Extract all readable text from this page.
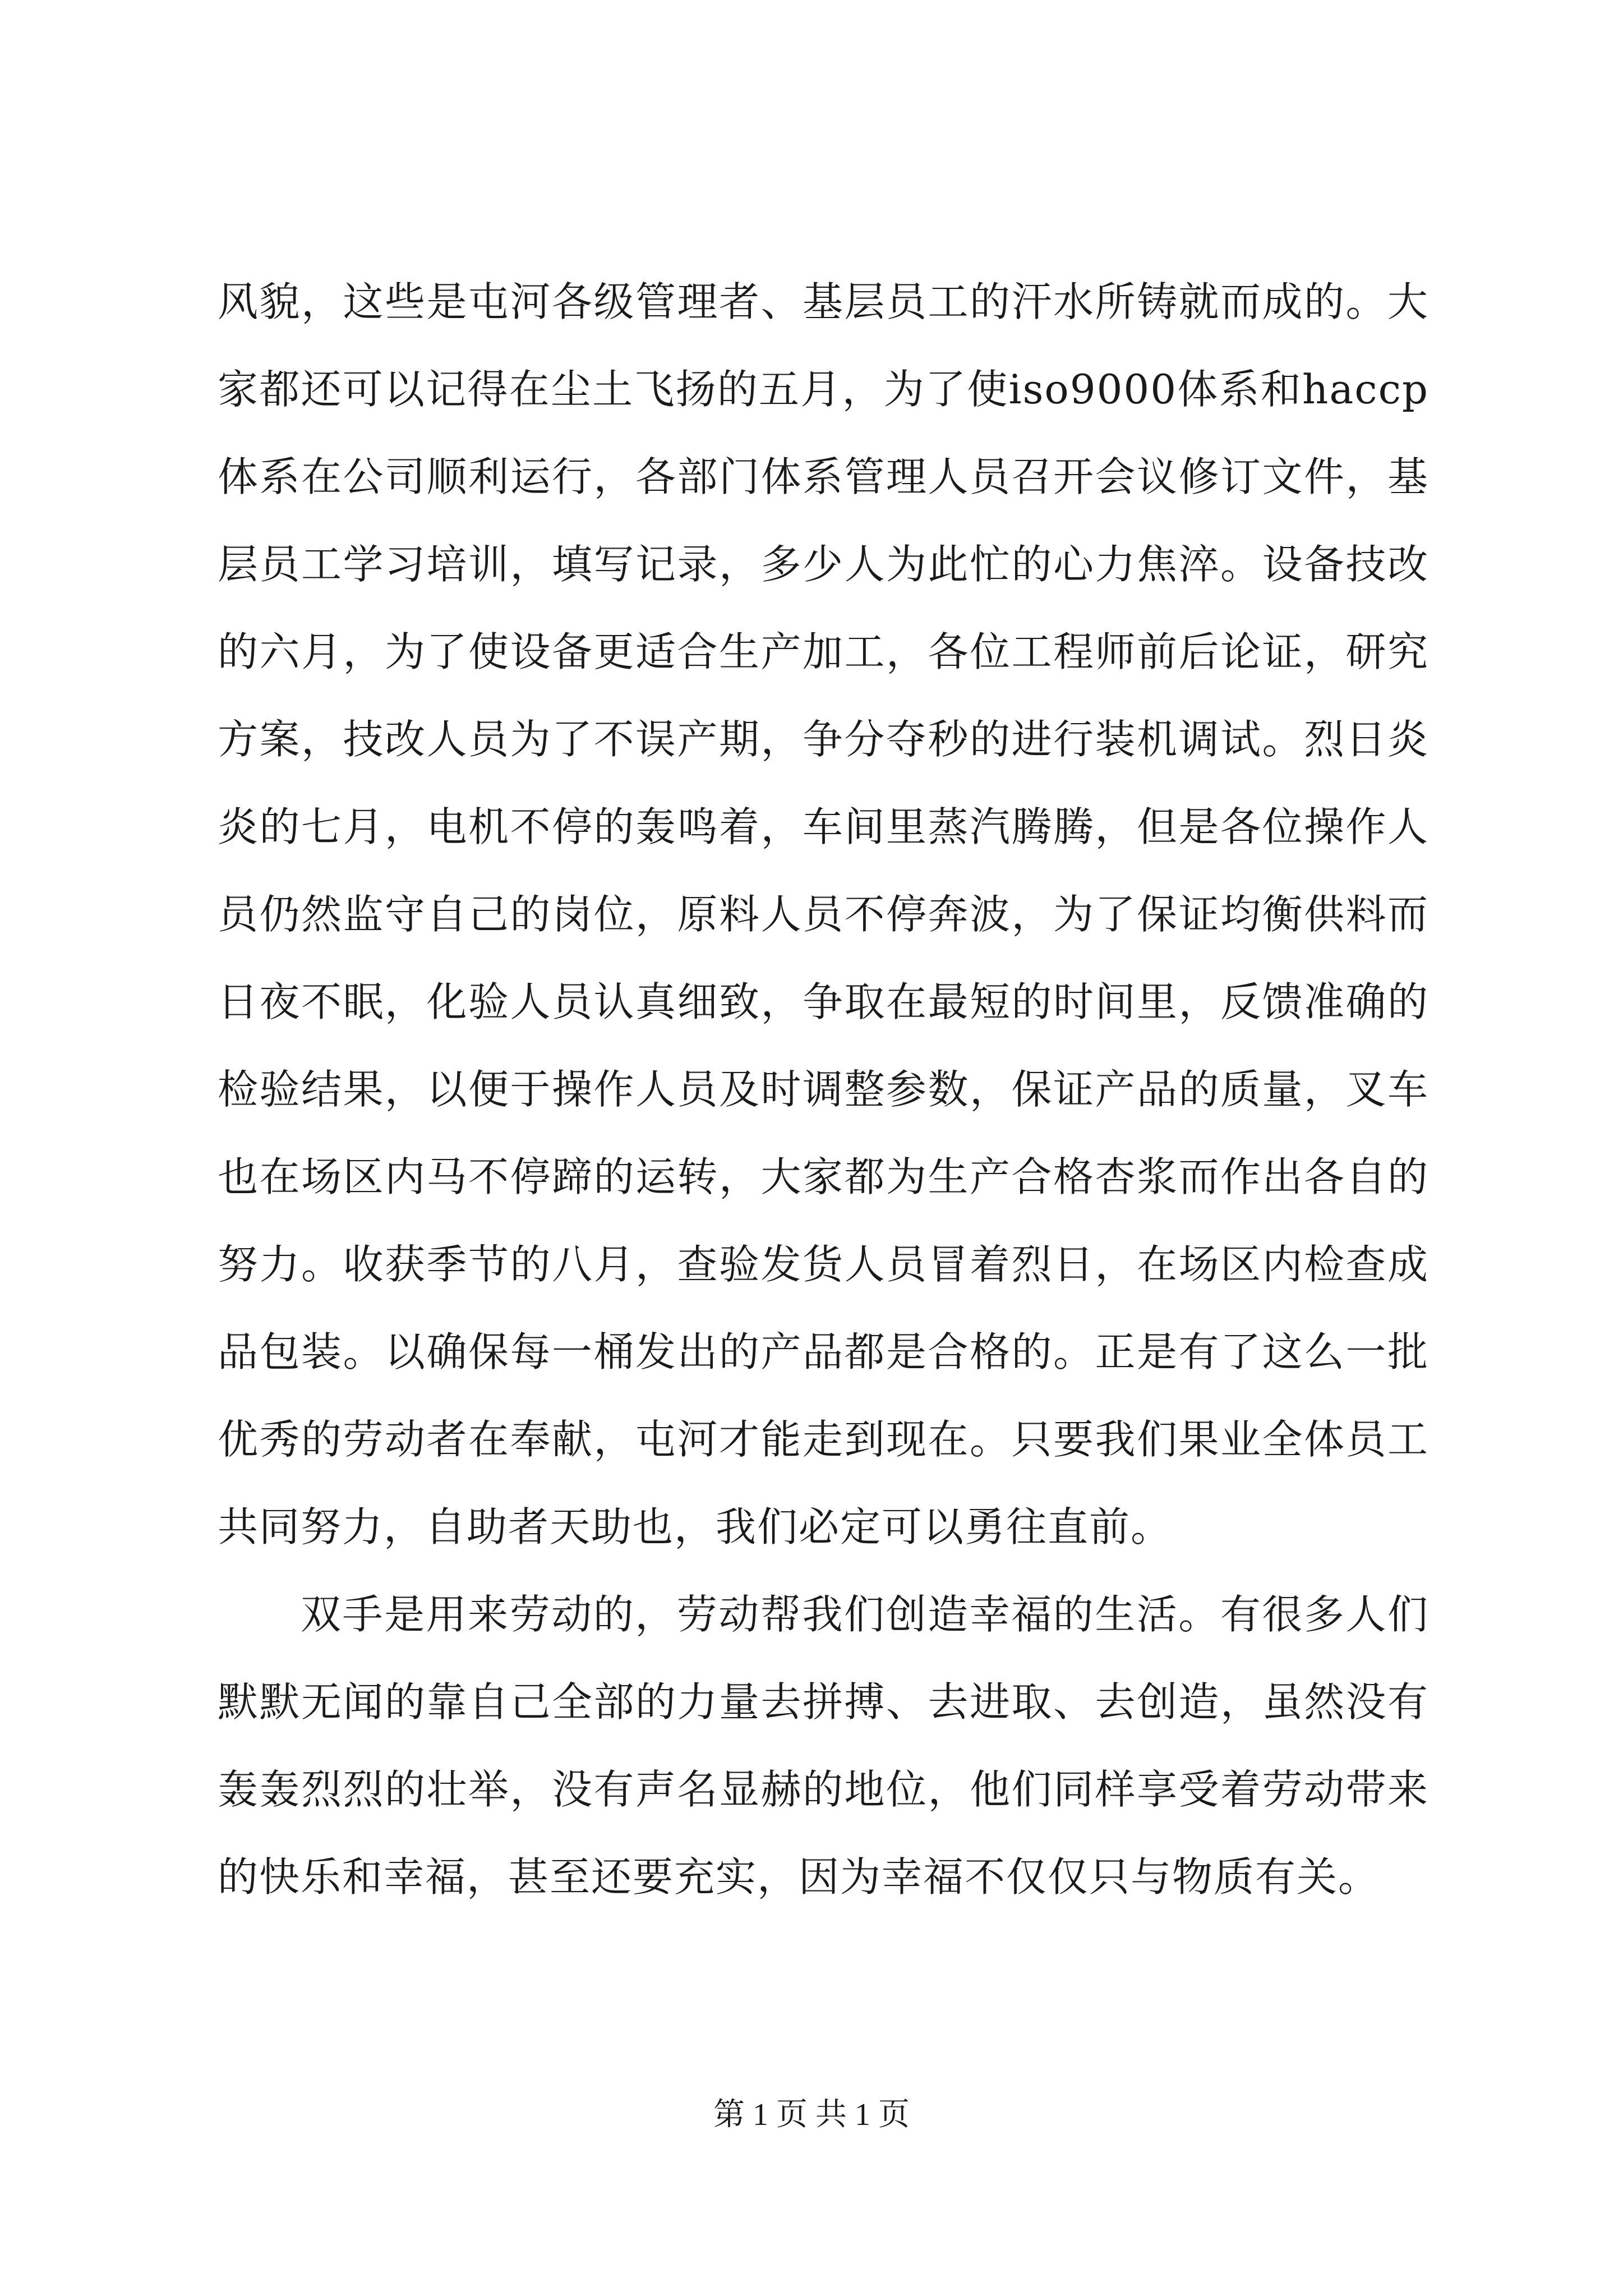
风貌，这些是屯河各级管理者、基层员工的汗水所铸就而成的。大家都还可以记得在尘土飞扬的五月，为了使iso9000体系和haccp体系在公司顺利运行，各部门体系管理人员召开会议修订文件，基层员工学习培训，填写记录，多少人为此忙的心力焦淬。设备技改的六月，为了使设备更适合生产加工，各位工程师前后论证，研究方案，技改人员为了不误产期，争分夺秒的进行装机调试。烈日炎炎的七月，电机不停的轰鸣着，车间里蒸汽腾腾，但是各位操作人员仍然监守自己的岗位，原料人员不停奔波，为了保证均衡供料而日夜不眠，化验人员认真细致，争取在最短的时间里，反馈准确的检验结果，以便于操作人员及时调整参数，保证产品的质量，叉车也在场区内马不停蹄的运转，大家都为生产合格杏浆而作出各自的努力。收获季节的八月，查验发货人员冒着烈日，在场区内检查成品包装。以确保每一桶发出的产品都是合格的。正是有了这么一批优秀的劳动者在奉献，屯河才能走到现在。只要我们果业全体员工共同努力，自助者天助也，我们必定可以勇往直前。

双手是用来劳动的，劳动帮我们创造幸福的生活。有很多人们默默无闻的靠自己全部的力量去拼搏、去进取、去创造，虽然没有轰轰烈烈的壮举，没有声名显赫的地位，他们同样享受着劳动带来的快乐和幸福，甚至还要充实，因为幸福不仅仅只与物质有关。

第 1 页 共 1 页
